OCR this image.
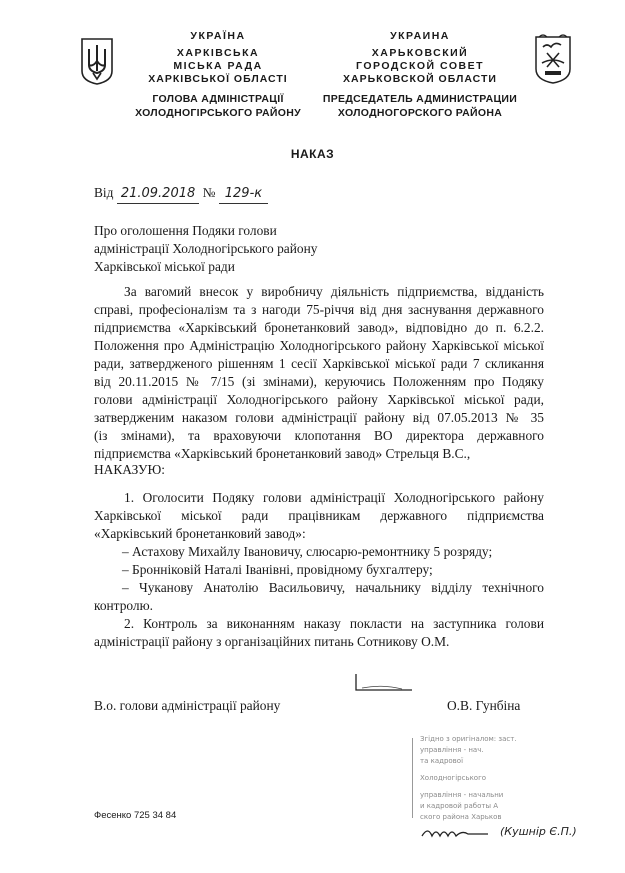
УКРАЇНА
ХАРКІВСЬКА
МІСЬКА РАДА
ХАРКІВСЬКОЇ ОБЛАСТІ
ГОЛОВА АДМІНІСТРАЦІЇ
ХОЛОДНОГІРСЬКОГО РАЙОНУ
УКРАИНА
ХАРЬКОВСКИЙ
ГОРОДСКОЙ СОВЕТ
ХАРЬКОВСКОЙ ОБЛАСТИ
ПРЕДСЕДАТЕЛЬ АДМИНИСТРАЦИИ
ХОЛОДНОГОРСКОГО РАЙОНА
НАКАЗ
Від 21.09.2018 № 129-к
Про оголошення Подяки голови
адміністрації Холодногірського району
Харківської міської ради
За вагомий внесок у виробничу діяльність підприємства, відданість
справі, професіоналізм та з нагоди 75-річчя від дня заснування державного
підприємства «Харківський бронетанковий завод», відповідно до п. 6.2.2.
Положення про Адміністрацію Холодногірського району Харківської міської
ради, затвердженого рішенням 1 сесії Харківської міської ради 7 скликання
від 20.11.2015 № 7/15 (зі змінами), керуючись Положенням про Подяку
голови адміністрації Холодногірського району Харківської міської ради,
затвердженим наказом голови адміністрації району від 07.05.2013 № 35
(із змінами), та враховуючи клопотання ВО директора державного
підприємства «Харківський бронетанковий завод» Стрельця В.С.,
НАКАЗУЮ:
1. Оголосити Подяку голови адміністрації Холодногірського району
Харківської міської ради працівникам державного підприємства
«Харківський бронетанковий завод»:
– Астахову Михайлу Івановичу, слюсарю-ремонтнику 5 розряду;
– Бронніковій Наталі Іванівні, провідному бухгалтеру;
– Чуканову Анатолію Васильовичу, начальнику відділу технічного
контролю.
2. Контроль за виконанням наказу покласти на заступника голови
адміністрації району з організаційних питань Сотникову О.М.
В.о. голови адміністрації району	О.В. Гунбіна
Згідно з оригіналом: заст.
управління - нач.
та кадрової
Холодногірського
управління - начальни
и кадровой работы А
ского района Харьков
(Кушнір Є.П.)
Фесенко 725 34 84
